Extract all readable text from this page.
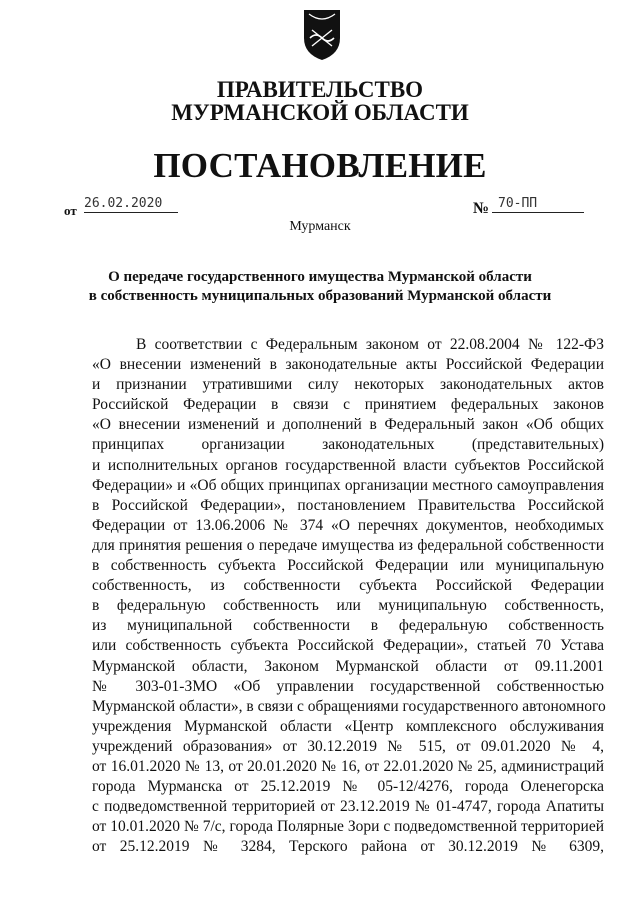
ПРАВИТЕЛЬСТВО
МУРМАНСКОЙ ОБЛАСТИ
ПОСТАНОВЛЕНИЕ
от 26.02.2020	№ 70-ПП
Мурманск
О передаче государственного имущества Мурманской области
в собственность муниципальных образований Мурманской области
В соответствии с Федеральным законом от 22.08.2004 № 122-ФЗ
«О внесении изменений в законодательные акты Российской Федерации
и признании утратившими силу некоторых законодательных актов
Российской Федерации в связи с принятием федеральных законов
«О внесении изменений и дополнений в Федеральный закон «Об общих
принципах организации законодательных (представительных)
и исполнительных органов государственной власти субъектов Российской
Федерации» и «Об общих принципах организации местного самоуправления
в Российской Федерации», постановлением Правительства Российской
Федерации от 13.06.2006 № 374 «О перечнях документов, необходимых
для принятия решения о передаче имущества из федеральной собственности
в собственность субъекта Российской Федерации или муниципальную
собственность, из собственности субъекта Российской Федерации
в федеральную собственность или муниципальную собственность,
из муниципальной собственности в федеральную собственность
или собственность субъекта Российской Федерации», статьей 70 Устава
Мурманской области, Законом Мурманской области от 09.11.2001
№ 303-01-ЗМО «Об управлении государственной собственностью
Мурманской области», в связи с обращениями государственного автономного
учреждения Мурманской области «Центр комплексного обслуживания
учреждений образования» от 30.12.2019 № 515, от 09.01.2020 № 4,
от 16.01.2020 № 13, от 20.01.2020 № 16, от 22.01.2020 № 25, администраций
города Мурманска от 25.12.2019 № 05-12/4276, города Оленегорска
с подведомственной территорией от 23.12.2019 № 01-4747, города Апатиты
от 10.01.2020 № 7/с, города Полярные Зори с подведомственной территорией
от 25.12.2019 № 3284, Терского района от 30.12.2019 № 6309,
